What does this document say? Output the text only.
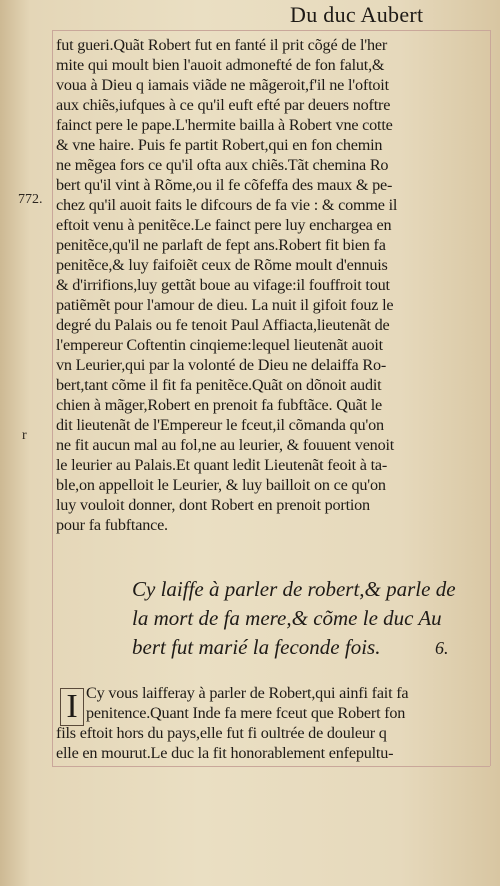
Du duc Aubert
772.
r
fut gueri.Quãt Robert fut en fanté il prit cõgé de l'her
mite qui moult bien l'auoit admonefté de fon falut,&
voua à Dieu q iamais viãde ne mãgeroit,f'il ne l'oftoit
aux chiẽs,iufques à ce qu'il euft efté par deuers noftre
fainct pere le pape.L'hermite bailla à Robert vne cotte
& vne haire. Puis fe partit Robert,qui en fon chemin
ne mẽgea fors ce qu'il ofta aux chiẽs.Tãt chemina Ro
bert qu'il vint à Rõme,ou il fe cõfeffa des maux & pe-
chez qu'il auoit faits le difcours de fa vie : & comme il
eftoit venu à penitẽce.Le fainct pere luy enchargea en
penitẽce,qu'il ne parlaft de fept ans.Robert fit bien fa
penitẽce,& luy faifoiẽt ceux de Rõme moult d'ennuis
& d'irrifions,luy gettãt boue au vifage:il fouffroit tout
patiẽmẽt pour l'amour de dieu. La nuit il gifoit fouz le
degré du Palais ou fe tenoit Paul Affiacta,lieutenãt de
l'empereur Coftentin cinqieme:lequel lieutenãt auoit
vn Leurier,qui par la volonté de Dieu ne delaiffa Ro-
bert,tant cõme il fit fa penitẽce.Quãt on dõnoit audit
chien à mãger,Robert en prenoit fa fubftãce. Quãt le
dit lieutenãt de l'Empereur le fceut,il cõmanda qu'on
ne fit aucun mal au fol,ne au leurier, & fouuent venoit
le leurier au Palais.Et quant ledit Lieutenãt feoit à ta-
ble,on appelloit le Leurier, & luy bailloit on ce qu'on
luy vouloit donner, dont Robert en prenoit portion
pour fa fubftance.
Cy laiffe à parler de robert,& parle de
la mort de fa mere,& cõme le duc Au
bert fut marié la feconde fois.	6.
I Cy vous laifferay à parler de Robert,qui ainfi fait fa
penitence.Quant Inde fa mere fceut que Robert fon
fils eftoit hors du pays,elle fut fi oultrée de douleur q
elle en mourut.Le duc la fit honorablement enfepultu-
